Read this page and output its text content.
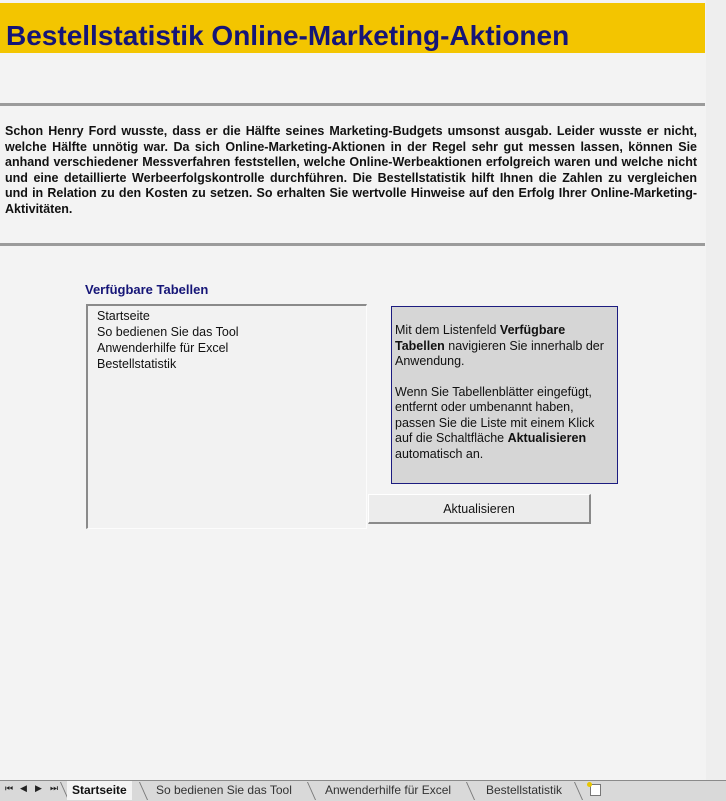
Bestellstatistik Online-Marketing-Aktionen

Schon Henry Ford wusste, dass er die Hälfte seines Marketing-Budgets umsonst ausgab. Leider wusste er nicht, welche Hälfte unnötig war. Da sich Online-Marketing-Aktionen in der Regel sehr gut messen lassen, können Sie anhand verschiedener Messverfahren feststellen, welche Online-Werbeaktionen erfolgreich waren und welche nicht und eine detaillierte Werbeerfolgskontrolle durchführen. Die Bestellstatistik hilft Ihnen die Zahlen zu vergleichen und in Relation zu den Kosten zu setzen. So erhalten Sie wertvolle Hinweise auf den Erfolg Ihrer Online-Marketing-Aktivitäten.

Verfügbare Tabellen

Startseite
So bedienen Sie das Tool
Anwenderhilfe für Excel
Bestellstatistik

Mit dem Listenfeld Verfügbare Tabellen navigieren Sie innerhalb der Anwendung.

Wenn Sie Tabellenblätter eingefügt, entfernt oder umbenannt haben, passen Sie die Liste mit einem Klick auf die Schaltfläche Aktualisieren automatisch an.

Aktualisieren
⏮ ◀ ▶ ⏭	Startseite	So bedienen Sie das Tool	Anwenderhilfe für Excel	Bestellstatistik
